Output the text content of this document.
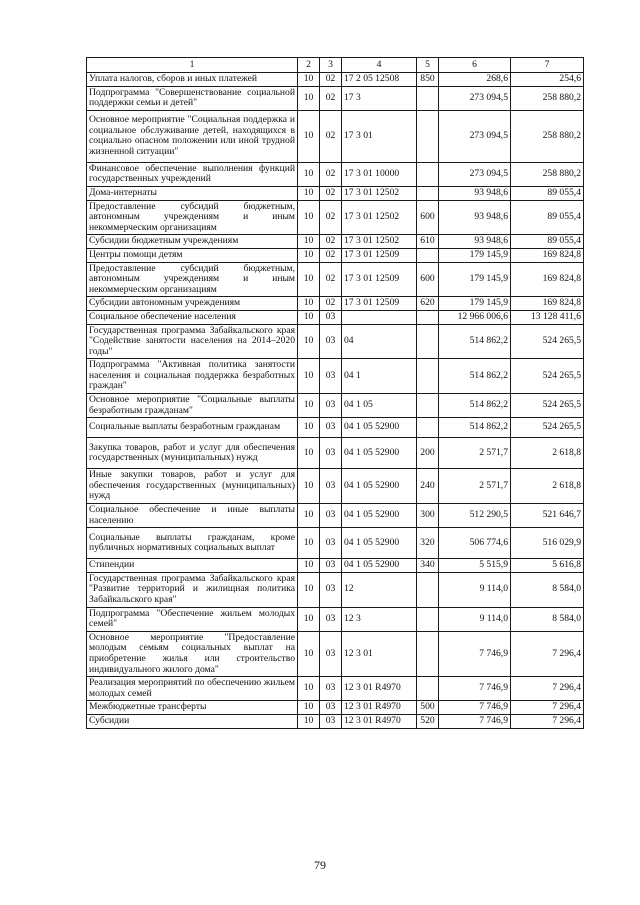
1	2	3	4	5	6	7
Уплата налогов, сборов и иных платежей	10	02	17 2 05 12508	850	268,6	254,6
Подпрограмма "Совершенствование социальной поддержки семьи и детей"	10	02	17 3		273 094,5	258 880,2
Основное мероприятие "Социальная поддержка и социальное обслуживание детей, находящихся в социально опасном положении или иной трудной жизненной ситуации"	10	02	17 3 01		273 094,5	258 880,2
Финансовое обеспечение выполнения функций государственных учреждений	10	02	17 3 01 10000		273 094,5	258 880,2
Дома-интернаты	10	02	17 3 01 12502		93 948,6	89 055,4
Предоставление субсидий бюджетным, автономным учреждениям и иным некоммерческим организациям	10	02	17 3 01 12502	600	93 948,6	89 055,4
Субсидии бюджетным учреждениям	10	02	17 3 01 12502	610	93 948,6	89 055,4
Центры помощи детям	10	02	17 3 01 12509		179 145,9	169 824,8
Предоставление субсидий бюджетным, автономным учреждениям и иным некоммерческим организациям	10	02	17 3 01 12509	600	179 145,9	169 824,8
Субсидии автономным учреждениям	10	02	17 3 01 12509	620	179 145,9	169 824,8
Социальное обеспечение населения	10	03			12 966 006,6	13 128 411,6
Государственная программа Забайкальского края "Содействие занятости населения на 2014–2020 годы"	10	03	04		514 862,2	524 265,5
Подпрограмма "Активная политика занятости населения и социальная поддержка безработных граждан"	10	03	04 1		514 862,2	524 265,5
Основное мероприятие "Социальные выплаты безработным гражданам"	10	03	04 1 05		514 862,2	524 265,5
Социальные выплаты безработным гражданам	10	03	04 1 05 52900		514 862,2	524 265,5
Закупка товаров, работ и услуг для обеспечения государственных (муниципальных) нужд	10	03	04 1 05 52900	200	2 571,7	2 618,8
Иные закупки товаров, работ и услуг для обеспечения государственных (муниципальных) нужд	10	03	04 1 05 52900	240	2 571,7	2 618,8
Социальное обеспечение и иные выплаты населению	10	03	04 1 05 52900	300	512 290,5	521 646,7
Социальные выплаты гражданам, кроме публичных нормативных социальных выплат	10	03	04 1 05 52900	320	506 774,6	516 029,9
Стипендии	10	03	04 1 05 52900	340	5 515,9	5 616,8
Государственная программа Забайкальского края "Развитие территорий и жилищная политика Забайкальского края"	10	03	12		9 114,0	8 584,0
Подпрограмма "Обеспечение жильем молодых семей"	10	03	12 3		9 114,0	8 584,0
Основное мероприятие "Предоставление молодым семьям социальных выплат на приобретение жилья или строительство индивидуального жилого дома"	10	03	12 3 01		7 746,9	7 296,4
Реализация мероприятий по обеспечению жильем молодых семей	10	03	12 3 01 R4970		7 746,9	7 296,4
Межбюджетные трансферты	10	03	12 3 01 R4970	500	7 746,9	7 296,4
Субсидии	10	03	12 3 01 R4970	520	7 746,9	7 296,4
79
